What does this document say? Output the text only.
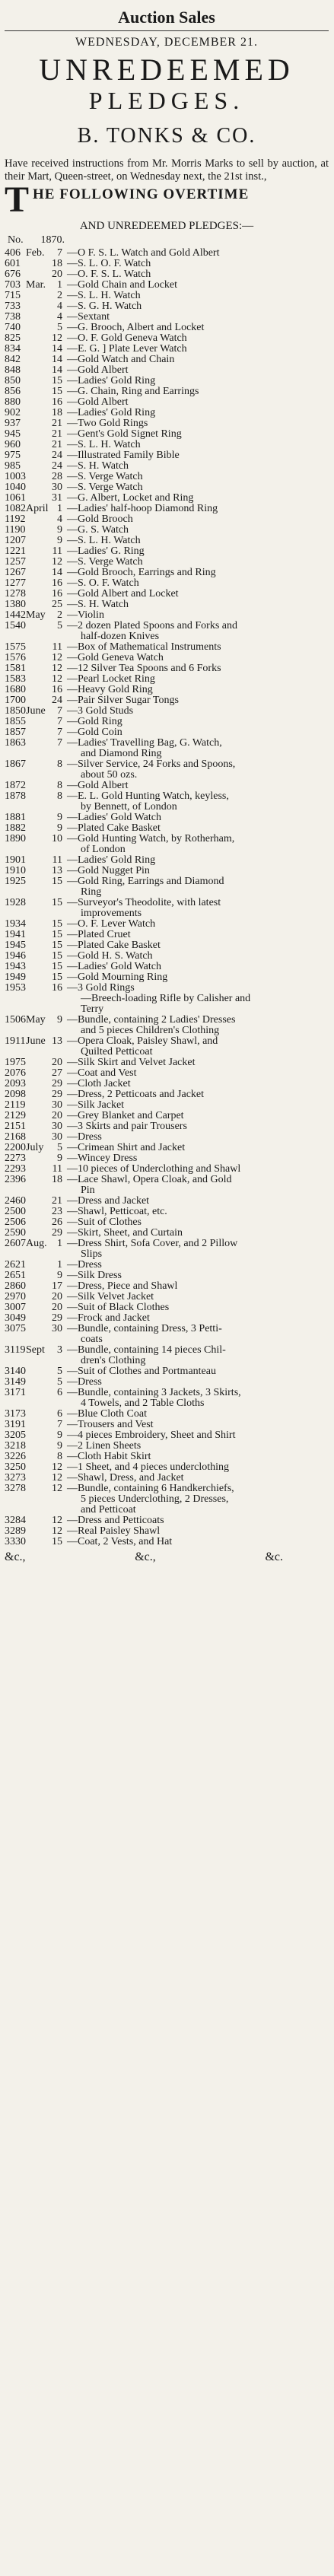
Auction Sales
WEDNESDAY, DECEMBER 21.
UNREDEEMED
PLEDGES.
B. TONKS & CO.
Have received instructions from Mr. Morris Marks to sell by auction, at their Mart, Queen-street, on Wednesday next, the 21st inst.,
T HE FOLLOWING OVERTIME
AND UNREDEEMED PLEDGES:—
No. 1870.
406 Feb. 7 —O F. S. L. Watch and Gold Albert
601	18 —S. L. O. F. Watch
676	20 —O. F. S. L. Watch
703 Mar. 1 —Gold Chain and Locket
715	2 —S. L. H. Watch
733	4 —S. G. H. Watch
738	4 —Sextant
740	5 —G. Brooch, Albert and Locket
825	12 —O. F. Gold Geneva Watch
834	14 —E. G. ] Plate Lever Watch
842	14 —Gold Watch and Chain
848	14 —Gold Albert
850	15 —Ladies' Gold Ring
856	15 —G. Chain, Ring and Earrings
880	16 —Gold Albert
902	18 —Ladies' Gold Ring
937	21 —Two Gold Rings
945	21 —Gent's Gold Signet Ring
960	21 —S. L. H. Watch
975	24 —Illustrated Family Bible
985	24 —S. H. Watch
1003	28 —S. Verge Watch
1040	30 —S. Verge Watch
1061	31 —G. Albert, Locket and Ring
1082 April 1 —Ladies' half-hoop Diamond Ring
1192	4 —Gold Brooch
1190	9 —G. S. Watch
1207	9 —S. L. H. Watch
1221	11 —Ladies' G. Ring
1257	12 —S. Verge Watch
1267	14 —Gold Brooch, Earrings and Ring
1277	16 —S. O. F. Watch
1278	16 —Gold Albert and Locket
1380	25 —S. H. Watch
1442 May 2 —Violin
1540	5 —2 dozen Plated Spoons and Forks and
half-dozen Knives
1575	11 —Box of Mathematical Instruments
1576	12 —Gold Geneva Watch
1581	12 —12 Silver Tea Spoons and 6 Forks
1583	12 —Pearl Locket Ring
1680	16 —Heavy Gold Ring
1700	24 —Pair Silver Sugar Tongs
1850 June 7 —3 Gold Studs
1855	7 —Gold Ring
1857	7 —Gold Coin
1863	7 —Ladies' Travelling Bag, G. Watch,
and Diamond Ring
1867	8 —Silver Service, 24 Forks and Spoons,
about 50 ozs.
1872	8 —Gold Albert
1878	8 —E. L. Gold Hunting Watch, keyless,
by Bennett, of London
1881	9 —Ladies' Gold Watch
1882	9 —Plated Cake Basket
1890	10 —Gold Hunting Watch, by Rotherham,
of London
1901	11 —Ladies' Gold Ring
1910	13 —Gold Nugget Pin
1925	15 —Gold Ring, Earrings and Diamond
Ring
1928	15 —Surveyor's Theodolite, with latest
improvements
1934	15 —O. F. Lever Watch
1941	15 —Plated Cruet
1945	15 —Plated Cake Basket
1946	15 —Gold H. S. Watch
1943	15 —Ladies' Gold Watch
1949	15 —Gold Mourning Ring
1953	16 —3 Gold Rings
—Breech-loading Rifle by Calisher and
Terry
1506 May 9 —Bundle, containing 2 Ladies' Dresses
and 5 pieces Children's Clothing
1911 June 13 —Opera Cloak, Paisley Shawl, and
Quilted Petticoat
1975	20 —Silk Skirt and Velvet Jacket
2076	27 —Coat and Vest
2093	29 —Cloth Jacket
2098	29 —Dress, 2 Petticoats and Jacket
2119	30 —Silk Jacket
2129	20 —Grey Blanket and Carpet
2151	30 —3 Skirts and pair Trousers
2168	30 —Dress
2200 July 5 —Crimean Shirt and Jacket
2273	9 —Wincey Dress
2293	11 —10 pieces of Underclothing and Shawl
2396	18 —Lace Shawl, Opera Cloak, and Gold
Pin
2460	21 —Dress and Jacket
2500	23 —Shawl, Petticoat, etc.
2506	26 —Suit of Clothes
2590	29 —Skirt, Sheet, and Curtain
2607 Aug. 1 —Dress Shirt, Sofa Cover, and 2 Pillow
Slips
2621	1 —Dress
2651	9 —Silk Dress
2860	17 —Dress, Piece and Shawl
2970	20 —Silk Velvet Jacket
3007	20 —Suit of Black Clothes
3049	29 —Frock and Jacket
3075	30 —Bundle, containing Dress, 3 Petti-
coats
3119 Sept 3 —Bundle, containing 14 pieces Chil-
dren's Clothing
3140	5 —Suit of Clothes and Portmanteau
3149	5 —Dress
3171	6 —Bundle, containing 3 Jackets, 3 Skirts,
4 Towels, and 2 Table Cloths
3173	6 —Blue Cloth Coat
3191	7 —Trousers and Vest
3205	9 —4 pieces Embroidery, Sheet and Shirt
3218	9 —2 Linen Sheets
3226	8 —Cloth Habit Skirt
3250	12 —1 Sheet, and 4 pieces underclothing
3273	12 —Shawl, Dress, and Jacket
3278	12 —Bundle, containing 6 Handkerchiefs,
5 pieces Underclothing, 2 Dresses,
and Petticoat
3284	12 —Dress and Petticoats
3289	12 —Real Paisley Shawl
3330	15 —Coat, 2 Vests, and Hat
&c.,	&c.,	&c.
